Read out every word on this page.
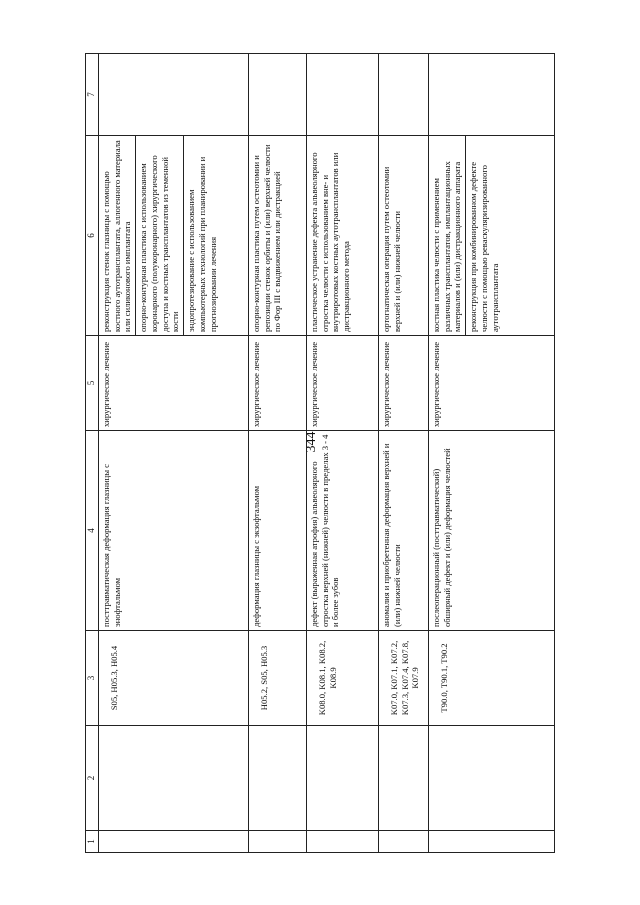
344
1	2	3	4	5	6	7
		S05, H05.3, H05.4	посттравматическая деформация глазницы с энофтальмом	хирургическое лечение	реконструкция стенок глазницы с помощью костного аутотрансплантата, аллогенного материала или силиконового имплантата опорно-контурная пластика с использованием коронарного (полукоронарного) хирургического доступа и костных трансплантатов из теменной кости эндопротезирование с использованием компьютерных технологий при планировании и прогнозировании лечения	

		H05.2, S05, H05.3	деформация глазницы с экзофтальмом	хирургическое лечение	опорно-контурная пластика путем остеотомии и репозиции стенок орбиты и (или) верхней челюсти по Фор III с выдвижением или дистракцией	

		K08.0, K08.1, K08.2, K08.9	дефект (выраженная атрофия) альвеолярного отростка верхней (нижней) челюсти в пределах 3 - 4 и более зубов	хирургическое лечение	пластическое устранение дефекта альвеолярного отростка челюсти с использованием вне- и внутриротовых костных аутотрансплантатов или дистракционного метода	

		K07.0, K07.1, K07.2, K07.3, K07.4, K07.8, K07.9	аномалия и приобретенная деформация верхней и (или) нижней челюсти	хирургическое лечение	ортогнатическая операция путем остеотомии верхней и (или) нижней челюсти	

		T90.0, T90.1, T90.2	послеоперационный (посттравматический) обширный дефект и (или) деформация челюстей	хирургическое лечение	костная пластика челюсти с применением различных трансплантатов, имплантационных материалов и (или) дистракционного аппарата реконструкция при комбинированном дефекте челюсти с помощью реваскуляризированного аутотрансплантата	
